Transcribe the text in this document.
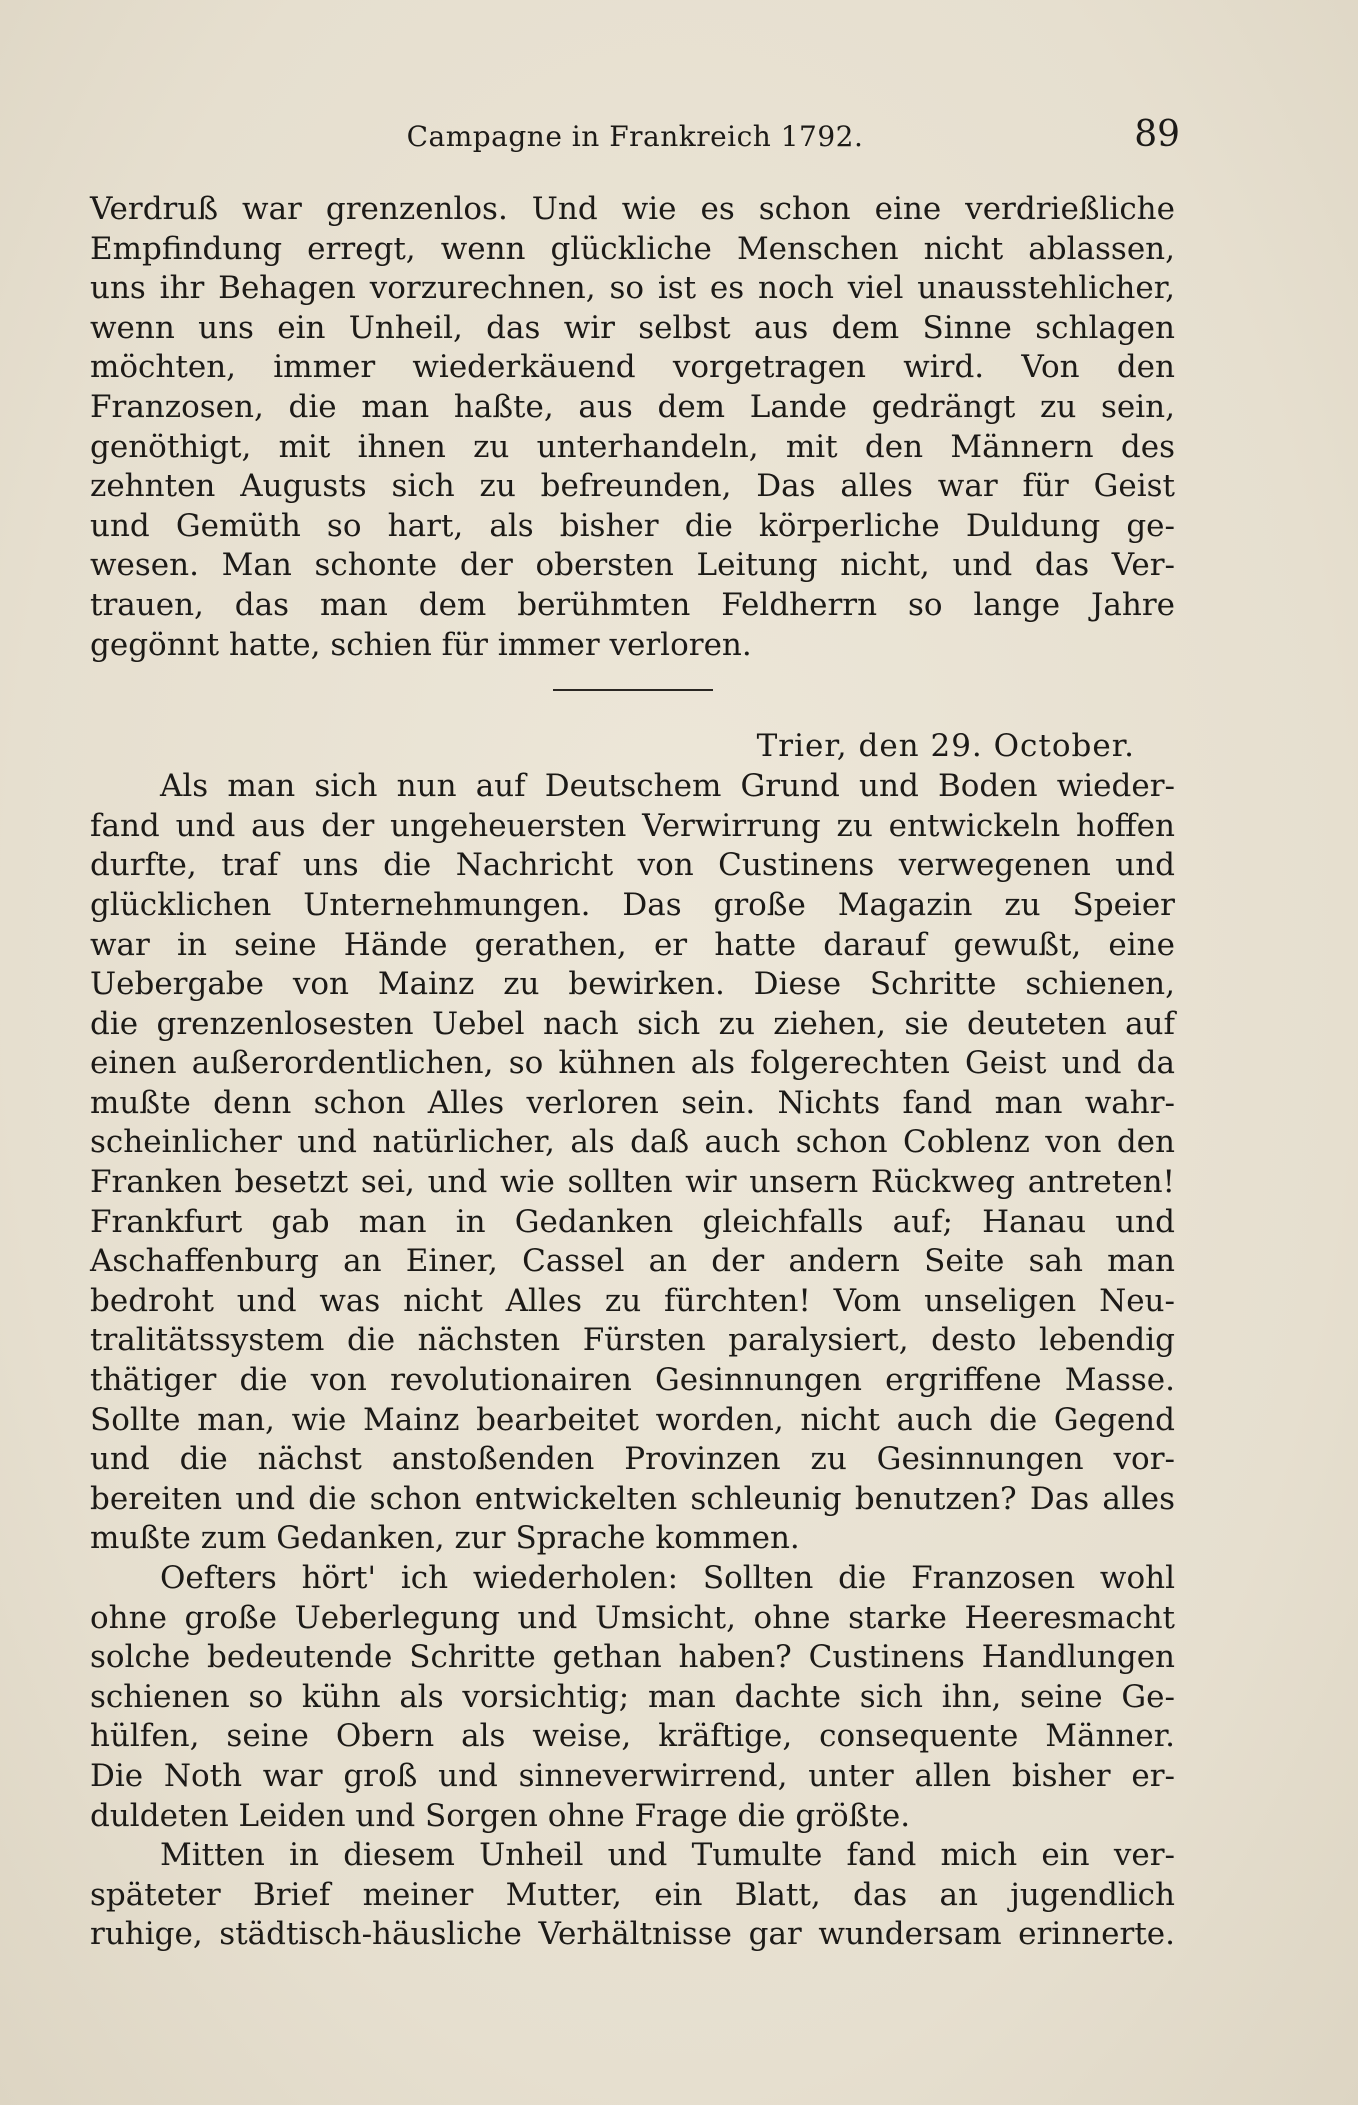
Campagne in Frankreich 1792.	89
Verdruß war grenzenlos. Und wie es schon eine verdrießliche
Empfindung erregt, wenn glückliche Menschen nicht ablassen,
uns ihr Behagen vorzurechnen, so ist es noch viel unausstehlicher,
wenn uns ein Unheil, das wir selbst aus dem Sinne schlagen
möchten, immer wiederkäuend vorgetragen wird. Von den
Franzosen, die man haßte, aus dem Lande gedrängt zu sein,
genöthigt, mit ihnen zu unterhandeln, mit den Männern des
zehnten Augusts sich zu befreunden, Das alles war für Geist
und Gemüth so hart, als bisher die körperliche Duldung ge-
wesen. Man schonte der obersten Leitung nicht, und das Ver-
trauen, das man dem berühmten Feldherrn so lange Jahre
gegönnt hatte, schien für immer verloren.
Trier, den 29. October.
Als man sich nun auf Deutschem Grund und Boden wieder-
fand und aus der ungeheuersten Verwirrung zu entwickeln hoffen
durfte, traf uns die Nachricht von Custinens verwegenen und
glücklichen Unternehmungen. Das große Magazin zu Speier
war in seine Hände gerathen, er hatte darauf gewußt, eine
Uebergabe von Mainz zu bewirken. Diese Schritte schienen,
die grenzenlosesten Uebel nach sich zu ziehen, sie deuteten auf
einen außerordentlichen, so kühnen als folgerechten Geist und da
mußte denn schon Alles verloren sein. Nichts fand man wahr-
scheinlicher und natürlicher, als daß auch schon Coblenz von den
Franken besetzt sei, und wie sollten wir unsern Rückweg antreten!
Frankfurt gab man in Gedanken gleichfalls auf; Hanau und
Aschaffenburg an Einer, Cassel an der andern Seite sah man
bedroht und was nicht Alles zu fürchten! Vom unseligen Neu-
tralitätssystem die nächsten Fürsten paralysiert, desto lebendig
thätiger die von revolutionairen Gesinnungen ergriffene Masse.
Sollte man, wie Mainz bearbeitet worden, nicht auch die Gegend
und die nächst anstoßenden Provinzen zu Gesinnungen vor-
bereiten und die schon entwickelten schleunig benutzen? Das alles
mußte zum Gedanken, zur Sprache kommen.
Oefters hört' ich wiederholen: Sollten die Franzosen wohl
ohne große Ueberlegung und Umsicht, ohne starke Heeresmacht
solche bedeutende Schritte gethan haben? Custinens Handlungen
schienen so kühn als vorsichtig; man dachte sich ihn, seine Ge-
hülfen, seine Obern als weise, kräftige, consequente Männer.
Die Noth war groß und sinneverwirrend, unter allen bisher er-
duldeten Leiden und Sorgen ohne Frage die größte.
Mitten in diesem Unheil und Tumulte fand mich ein ver-
späteter Brief meiner Mutter, ein Blatt, das an jugendlich
ruhige, städtisch-häusliche Verhältnisse gar wundersam erinnerte.
